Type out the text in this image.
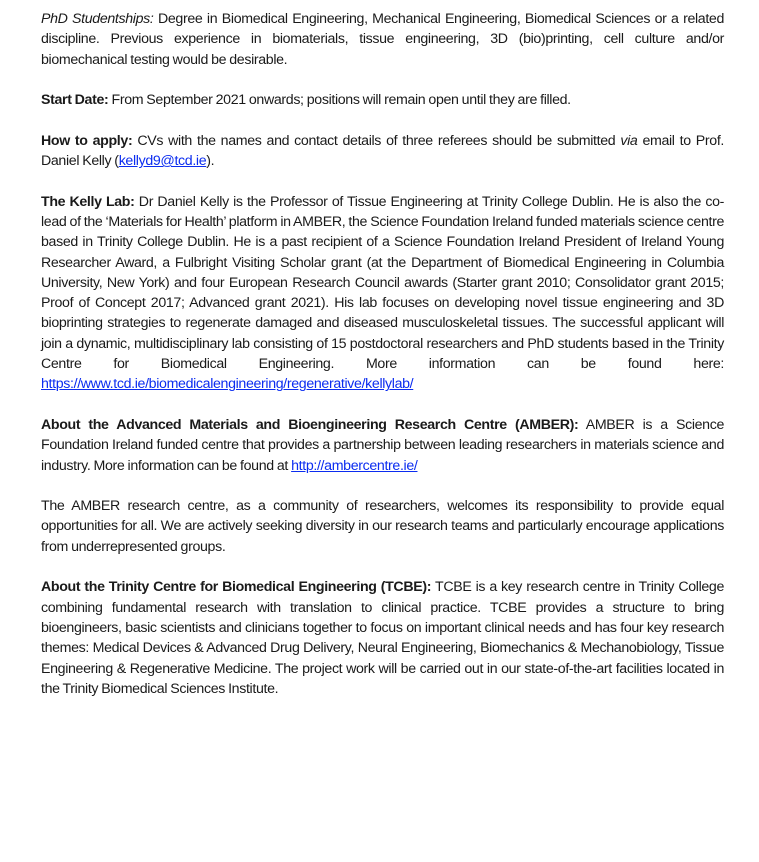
PhD Studentships: Degree in Biomedical Engineering, Mechanical Engineering, Biomedical Sciences or a related discipline. Previous experience in biomaterials, tissue engineering, 3D (bio)printing, cell culture and/or biomechanical testing would be desirable.

Start Date: From September 2021 onwards; positions will remain open until they are filled.

How to apply: CVs with the names and contact details of three referees should be submitted via email to Prof. Daniel Kelly (kellyd9@tcd.ie).

The Kelly Lab: Dr Daniel Kelly is the Professor of Tissue Engineering at Trinity College Dublin. He is also the co-lead of the ‘Materials for Health’ platform in AMBER, the Science Foundation Ireland funded materials science centre based in Trinity College Dublin. He is a past recipient of a Science Foundation Ireland President of Ireland Young Researcher Award, a Fulbright Visiting Scholar grant (at the Department of Biomedical Engineering in Columbia University, New York) and four European Research Council awards (Starter grant 2010; Consolidator grant 2015; Proof of Concept 2017; Advanced grant 2021). His lab focuses on developing novel tissue engineering and 3D bioprinting strategies to regenerate damaged and diseased musculoskeletal tissues. The successful applicant will join a dynamic, multidisciplinary lab consisting of 15 postdoctoral researchers and PhD students based in the Trinity Centre for Biomedical Engineering. More information can be found here: https://www.tcd.ie/biomedicalengineering/regenerative/kellylab/

About the Advanced Materials and Bioengineering Research Centre (AMBER): AMBER is a Science Foundation Ireland funded centre that provides a partnership between leading researchers in materials science and industry. More information can be found at http://ambercentre.ie/

The AMBER research centre, as a community of researchers, welcomes its responsibility to provide equal opportunities for all. We are actively seeking diversity in our research teams and particularly encourage applications from underrepresented groups.

About the Trinity Centre for Biomedical Engineering (TCBE): TCBE is a key research centre in Trinity College combining fundamental research with translation to clinical practice. TCBE provides a structure to bring bioengineers, basic scientists and clinicians together to focus on important clinical needs and has four key research themes: Medical Devices & Advanced Drug Delivery, Neural Engineering, Biomechanics & Mechanobiology, Tissue Engineering & Regenerative Medicine. The project work will be carried out in our state-of-the-art facilities located in the Trinity Biomedical Sciences Institute.
